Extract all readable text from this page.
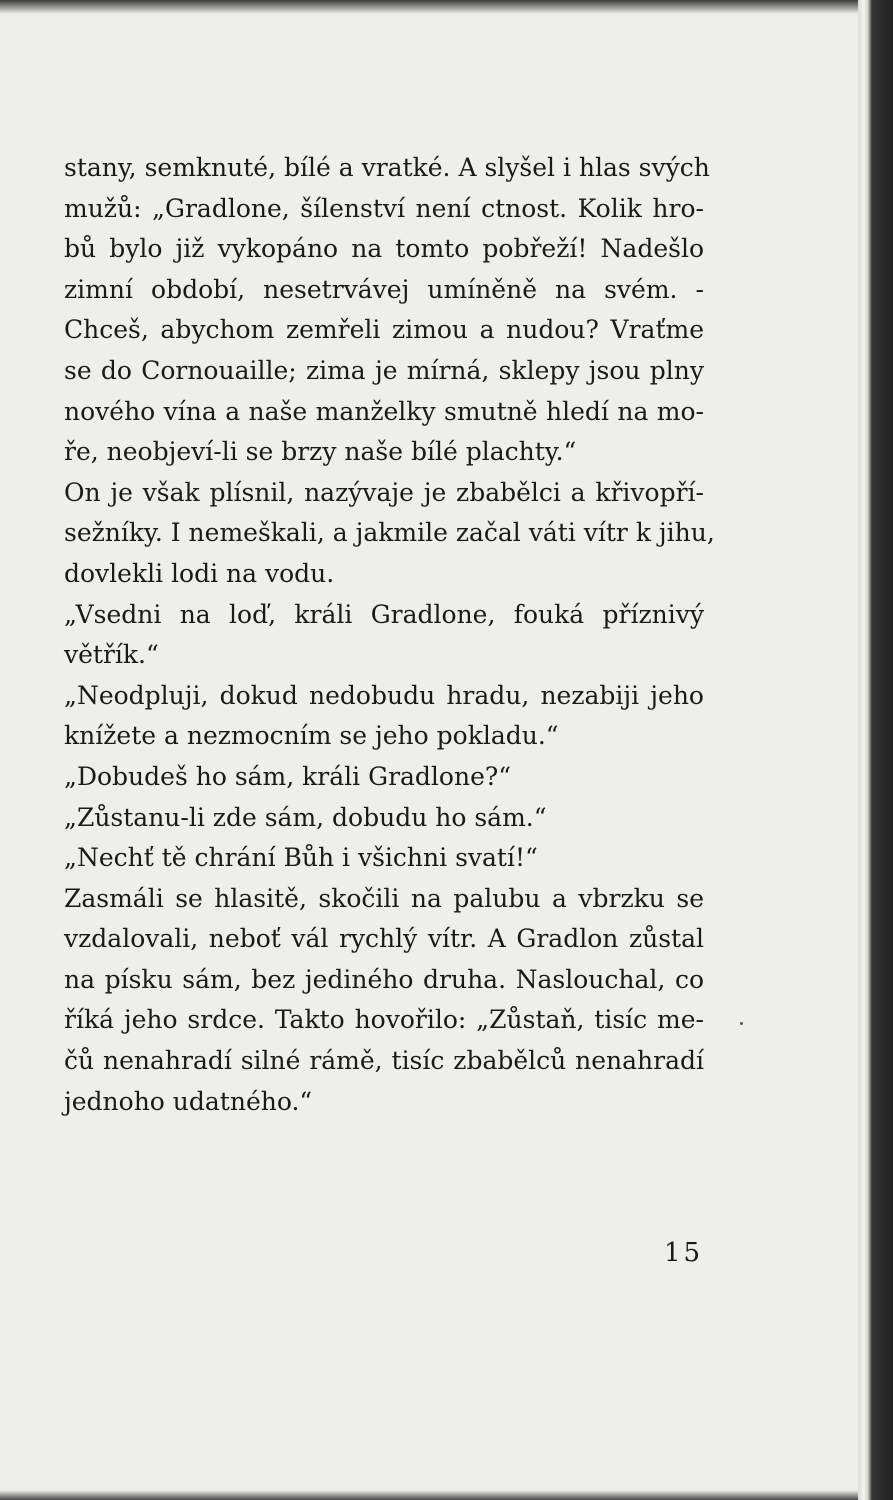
stany, semknuté, bílé a vratké. A slyšel i hlas svých
mužů: „Gradlone, šílenství není ctnost. Kolik hro-
bů bylo již vykopáno na tomto pobřeží! Nadešlo
zimní období, nesetrvávej umíněně na svém. -
Chceš, abychom zemřeli zimou a nudou? Vraťme
se do Cornouaille; zima je mírná, sklepy jsou plny
nového vína a naše manželky smutně hledí na mo-
ře, neobjeví-li se brzy naše bílé plachty.“
On je však plísnil, nazývaje je zbabělci a křivopří-
sežníky. I nemeškali, a jakmile začal váti vítr k jihu,
dovlekli lodi na vodu.
„Vsedni na loď, králi Gradlone, fouká příznivý
větřík.“
„Neodpluji, dokud nedobudu hradu, nezabiji jeho
knížete a nezmocním se jeho pokladu.“
„Dobudeš ho sám, králi Gradlone?“
„Zůstanu-li zde sám, dobudu ho sám.“
„Nechť tě chrání Bůh i všichni svatí!“
Zasmáli se hlasitě, skočili na palubu a vbrzku se
vzdalovali, neboť vál rychlý vítr. A Gradlon zůstal
na písku sám, bez jediného druha. Naslouchal, co
říká jeho srdce. Takto hovořilo: „Zůstaň, tisíc me-
čů nenahradí silné rámě, tisíc zbabělců nenahradí
jednoho udatného.“
15
